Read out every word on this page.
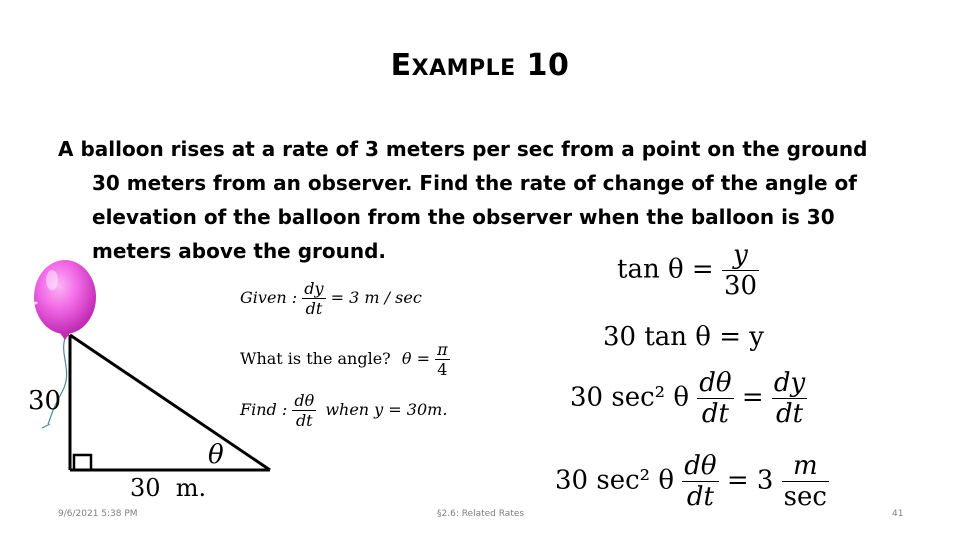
EXAMPLE 10
A balloon rises at a rate of 3 meters per sec from a point on the ground
30 meters from an observer. Find the rate of change of the angle of
elevation of the balloon from the observer when the balloon is 30
meters above the ground.
30
30  m.
θ
Given : $\frac{dy}{dt} = 3$ m / sec
What is the angle? $\theta = \frac{\pi}{4}$
Find : $\frac{d\theta}{dt}$ when y = 30m.
$\tan \theta = \frac{y}{30}$
30 tan θ = y
30 sec² θ $\frac{d\theta}{dt} = \frac{dy}{dt}$
30 sec² θ $\frac{d\theta}{dt} = 3 \frac{m}{\sec}$
9/6/2021 5:38 PM	§2.6: Related Rates	41
